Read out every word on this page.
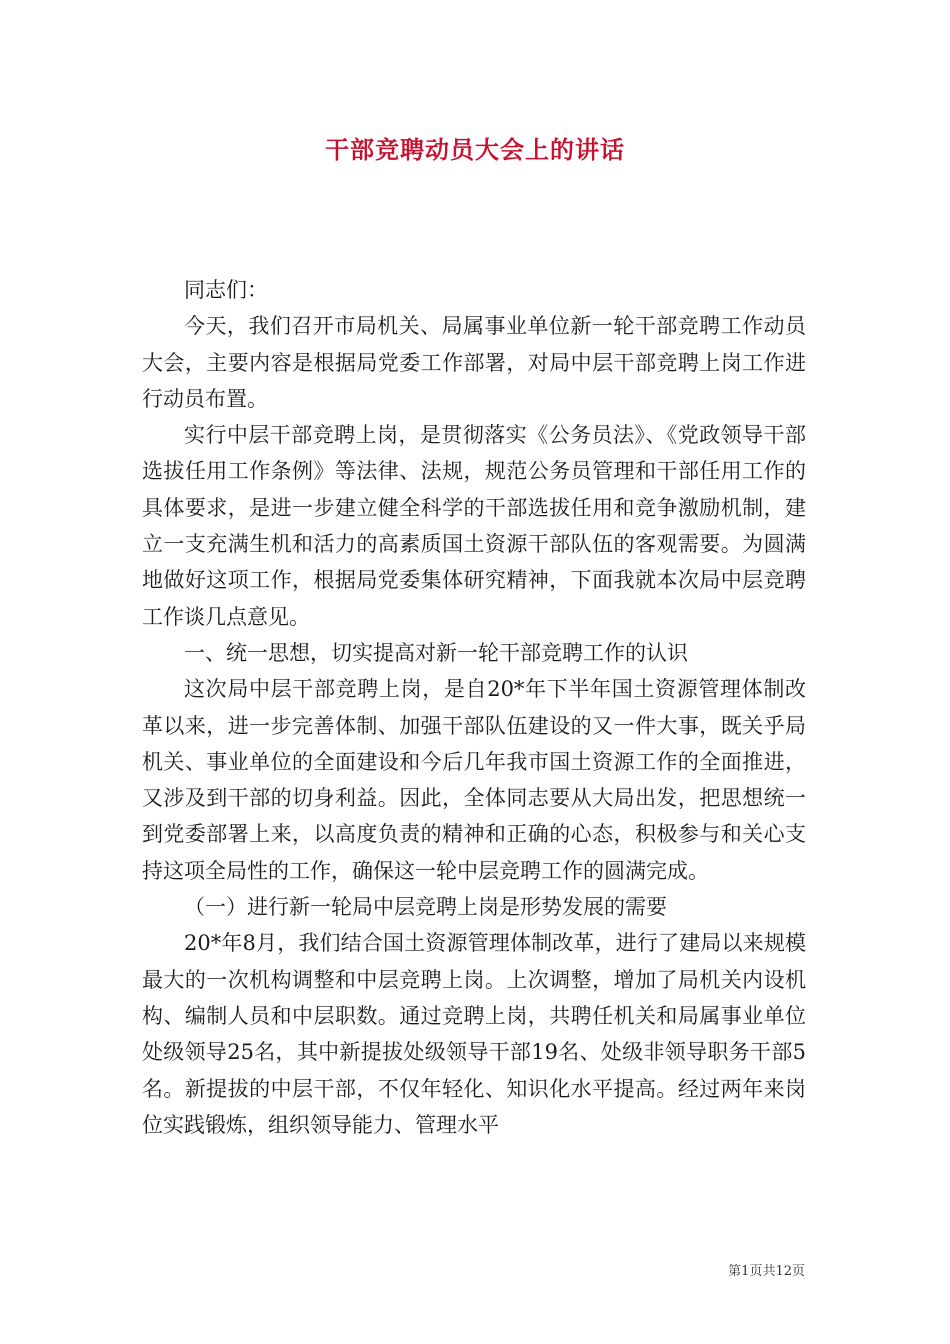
干部竞聘动员大会上的讲话

同志们：

今天，我们召开市局机关、局属事业单位新一轮干部竞聘工作动员大会，主要内容是根据局党委工作部署，对局中层干部竞聘上岗工作进行动员布置。

实行中层干部竞聘上岗，是贯彻落实《公务员法》、《党政领导干部选拔任用工作条例》等法律、法规，规范公务员管理和干部任用工作的具体要求，是进一步建立健全科学的干部选拔任用和竞争激励机制，建立一支充满生机和活力的高素质国土资源干部队伍的客观需要。为圆满地做好这项工作，根据局党委集体研究精神，下面我就本次局中层竞聘工作谈几点意见。

一、统一思想，切实提高对新一轮干部竞聘工作的认识

这次局中层干部竞聘上岗，是自20*年下半年国土资源管理体制改革以来，进一步完善体制、加强干部队伍建设的又一件大事，既关乎局机关、事业单位的全面建设和今后几年我市国土资源工作的全面推进，又涉及到干部的切身利益。因此，全体同志要从大局出发，把思想统一到党委部署上来，以高度负责的精神和正确的心态，积极参与和关心支持这项全局性的工作，确保这一轮中层竞聘工作的圆满完成。

（一）进行新一轮局中层竞聘上岗是形势发展的需要

20*年8月，我们结合国土资源管理体制改革，进行了建局以来规模最大的一次机构调整和中层竞聘上岗。上次调整，增加了局机关内设机构、编制人员和中层职数。通过竞聘上岗，共聘任机关和局属事业单位处级领导25名，其中新提拔处级领导干部19名、处级非领导职务干部5名。新提拔的中层干部，不仅年轻化、知识化水平提高。经过两年来岗位实践锻炼，组织领导能力、管理水平

第1页共12页
